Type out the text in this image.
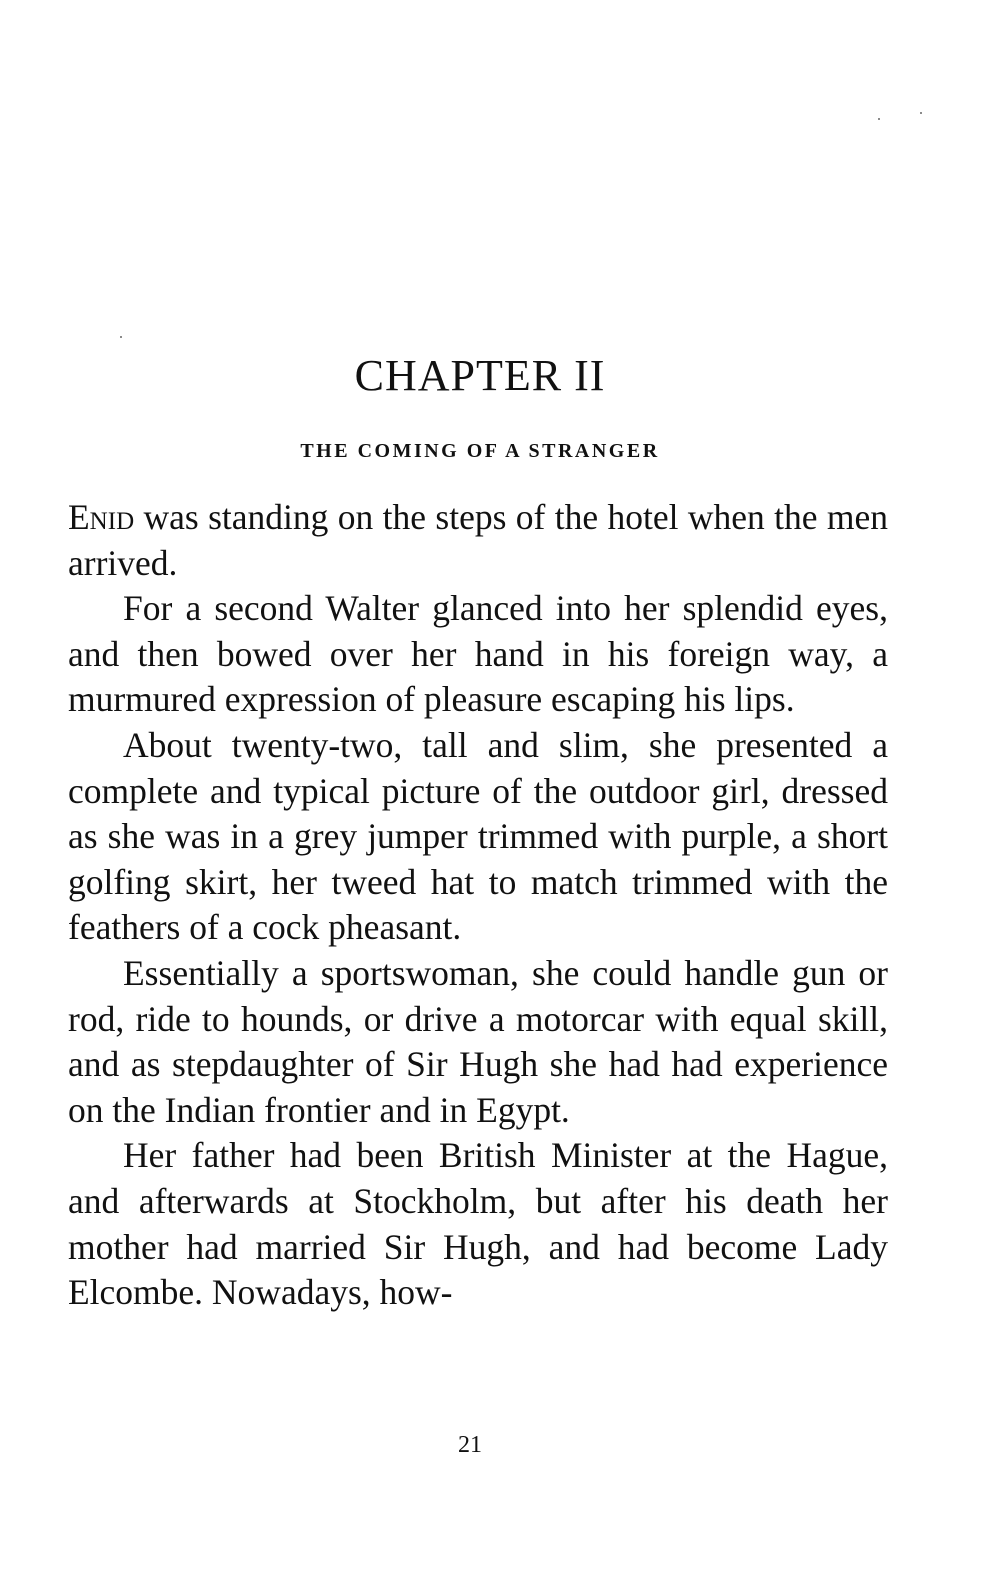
CHAPTER II
THE COMING OF A STRANGER

Enid was standing on the steps of the hotel when the men arrived.

For a second Walter glanced into her splendid eyes, and then bowed over her hand in his foreign way, a murmured expression of pleasure escaping his lips.

About twenty-two, tall and slim, she presented a complete and typical picture of the outdoor girl, dressed as she was in a grey jumper trimmed with purple, a short golfing skirt, her tweed hat to match trimmed with the feathers of a cock pheasant.

Essentially a sportswoman, she could handle gun or rod, ride to hounds, or drive a motorcar with equal skill, and as stepdaughter of Sir Hugh she had had experience on the Indian frontier and in Egypt.

Her father had been British Minister at the Hague, and afterwards at Stockholm, but after his death her mother had married Sir Hugh, and had become Lady Elcombe. Nowadays, how-

21
